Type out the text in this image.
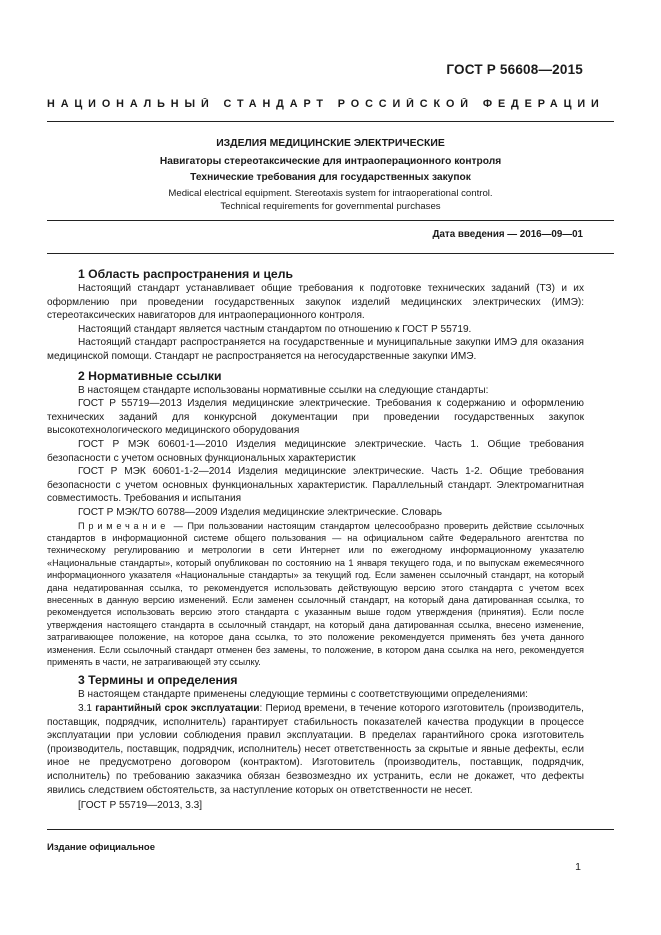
ГОСТ Р 56608—2015
НАЦИОНАЛЬНЫЙ СТАНДАРТ РОССИЙСКОЙ ФЕДЕРАЦИИ
ИЗДЕЛИЯ МЕДИЦИНСКИЕ ЭЛЕКТРИЧЕСКИЕ
Навигаторы стереотаксические для интраоперационного контроля
Технические требования для государственных закупок
Medical electrical equipment. Stereotaxis system for intraoperational control.
Technical requirements for governmental purchases
Дата введения — 2016—09—01
1 Область распространения и цель

Настоящий стандарт устанавливает общие требования к подготовке технических заданий (ТЗ) и их оформлению при проведении государственных закупок изделий медицинских электрических (ИМЭ): стереотаксических навигаторов для интраоперационного контроля.

Настоящий стандарт является частным стандартом по отношению к ГОСТ Р 55719.

Настоящий стандарт распространяется на государственные и муниципальные закупки ИМЭ для оказания медицинской помощи. Стандарт не распространяется на негосударственные закупки ИМЭ.

2 Нормативные ссылки

В настоящем стандарте использованы нормативные ссылки на следующие стандарты:

ГОСТ Р 55719—2013 Изделия медицинские электрические. Требования к содержанию и оформлению технических заданий для конкурсной документации при проведении государственных закупок высокотехнологического медицинского оборудования

ГОСТ Р МЭК 60601-1—2010 Изделия медицинские электрические. Часть 1. Общие требования безопасности с учетом основных функциональных характеристик

ГОСТ Р МЭК 60601-1-2—2014 Изделия медицинские электрические. Часть 1-2. Общие требования безопасности с учетом основных функциональных характеристик. Параллельный стандарт. Электромагнитная совместимость. Требования и испытания

ГОСТ Р МЭК/ТО 60788—2009 Изделия медицинские электрические. Словарь

Примечание — При пользовании настоящим стандартом целесообразно проверить действие ссылочных стандартов в информационной системе общего пользования — на официальном сайте Федерального агентства по техническому регулированию и метрологии в сети Интернет или по ежегодному информационному указателю «Национальные стандарты», который опубликован по состоянию на 1 января текущего года, и по выпускам ежемесячного информационного указателя «Национальные стандарты» за текущий год. Если заменен ссылочный стандарт, на который дана недатированная ссылка, то рекомендуется использовать действующую версию этого стандарта с учетом всех внесенных в данную версию изменений. Если заменен ссылочный стандарт, на который дана датированная ссылка, то рекомендуется использовать версию этого стандарта с указанным выше годом утверждения (принятия). Если после утверждения настоящего стандарта в ссылочный стандарт, на который дана датированная ссылка, внесено изменение, затрагивающее положение, на которое дана ссылка, то это положение рекомендуется применять без учета данного изменения. Если ссылочный стандарт отменен без замены, то положение, в котором дана ссылка на него, рекомендуется применять в части, не затрагивающей эту ссылку.

3 Термины и определения

В настоящем стандарте применены следующие термины с соответствующими определениями:

3.1 гарантийный срок эксплуатации: Период времени, в течение которого изготовитель (производитель, поставщик, подрядчик, исполнитель) гарантирует стабильность показателей качества продукции в процессе эксплуатации при условии соблюдения правил эксплуатации. В пределах гарантийного срока изготовитель (производитель, поставщик, подрядчик, исполнитель) несет ответственность за скрытые и явные дефекты, если иное не предусмотрено договором (контрактом). Изготовитель (производитель, поставщик, подрядчик, исполнитель) по требованию заказчика обязан безвозмездно их устранить, если не докажет, что дефекты явились следствием обстоятельств, за наступление которых он ответственности не несет.

[ГОСТ Р 55719—2013, 3.3]

Издание официальное
1
